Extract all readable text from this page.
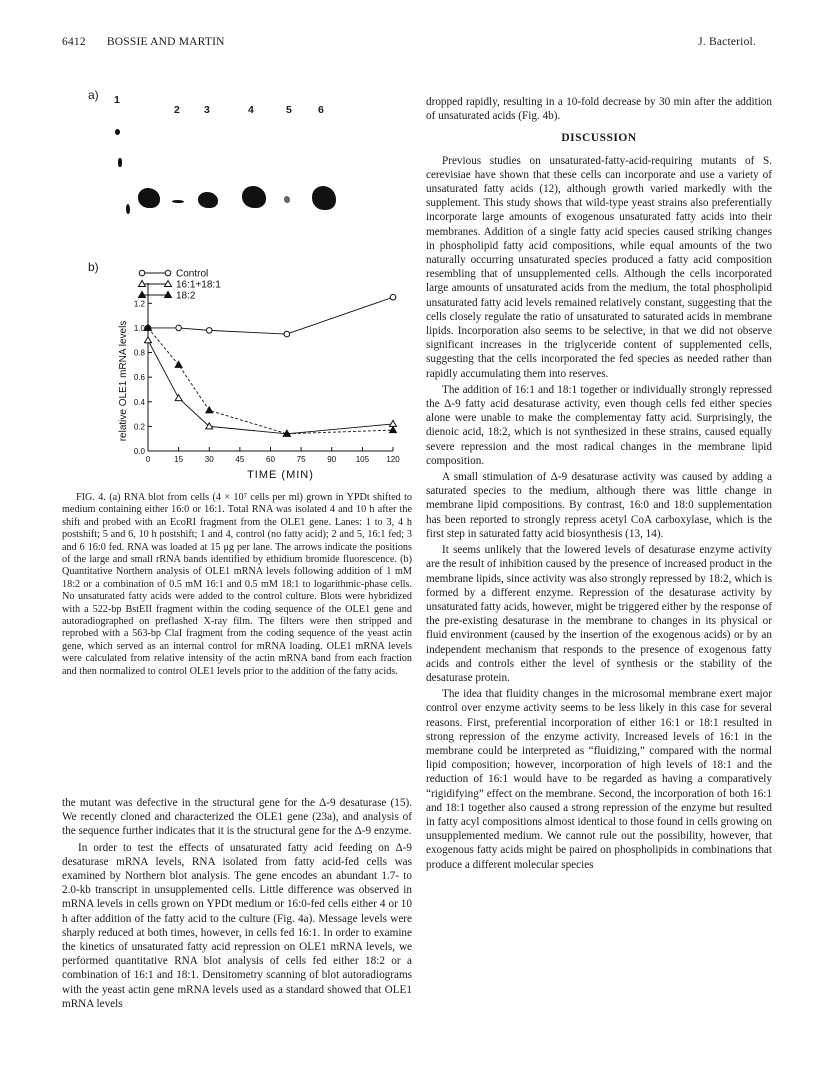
6412 BOSSIE AND MARTIN	J. Bacteriol.
a) 1
2 3	4	5 6
b)
0	15	30	45	60	75	90 105 120
0.0
0.2
0.4
0.6
0.8
1.0
1.2
TIME (MIN)
relative OLE1 mRNA levels
Control
16:1+18:1
18:2

FIG. 4. (a) RNA blot from cells (4 × 10⁷ cells per ml) grown in YPDt shifted to medium containing either 16:0 or 16:1. Total RNA was isolated 4 and 10 h after the shift and probed with an EcoRI fragment from the OLE1 gene. Lanes: 1 to 3, 4 h postshift; 5 and 6, 10 h postshift; 1 and 4, control (no fatty acid); 2 and 5, 16:1 fed; 3 and 6 16:0 fed. RNA was loaded at 15 μg per lane. The arrows indicate the positions of the large and small rRNA bands identified by ethidium bromide fluorescence. (b) Quantitative Northern analysis of OLE1 mRNA levels following addition of 1 mM 18:2 or a combination of 0.5 mM 16:1 and 0.5 mM 18:1 to logarithmic-phase cells. No unsaturated fatty acids were added to the control culture. Blots were hybridized with a 522-bp BstEII fragment within the coding sequence of the OLE1 gene and autoradiographed on preflashed X-ray film. The filters were then stripped and reprobed with a 563-bp ClaI fragment from the coding sequence of the yeast actin gene, which served as an internal control for mRNA loading. OLE1 mRNA levels were calculated from relative intensity of the actin mRNA band from each fraction and then normalized to control OLE1 levels prior to the addition of the fatty acids.

the mutant was defective in the structural gene for the Δ-9 desaturase (15). We recently cloned and characterized the OLE1 gene (23a), and analysis of the sequence further indicates that it is the structural gene for the Δ-9 enzyme.

In order to test the effects of unsaturated fatty acid feeding on Δ-9 desaturase mRNA levels, RNA isolated from fatty acid-fed cells was examined by Northern blot analysis. The gene encodes an abundant 1.7- to 2.0-kb transcript in unsupplemented cells. Little difference was observed in mRNA levels in cells grown on YPDt medium or 16:0-fed cells either 4 or 10 h after addition of the fatty acid to the culture (Fig. 4a). Message levels were sharply reduced at both times, however, in cells fed 16:1. In order to examine the kinetics of unsaturated fatty acid repression on OLE1 mRNA levels, we performed quantitative RNA blot analysis of cells fed either 18:2 or a combination of 16:1 and 18:1. Densitometry scanning of blot autoradiograms with the yeast actin gene mRNA levels used as a standard showed that OLE1 mRNA levels

dropped rapidly, resulting in a 10-fold decrease by 30 min after the addition of unsaturated acids (Fig. 4b).

DISCUSSION

Previous studies on unsaturated-fatty-acid-requiring mutants of S. cerevisiae have shown that these cells can incorporate and use a variety of unsaturated fatty acids (12), although growth varied markedly with the supplement. This study shows that wild-type yeast strains also preferentially incorporate large amounts of exogenous unsaturated fatty acids into their membranes. Addition of a single fatty acid species caused striking changes in phospholipid fatty acid compositions, while equal amounts of the two naturally occurring unsaturated species produced a fatty acid composition resembling that of unsupplemented cells. Although the cells incorporated large amounts of unsaturated acids from the medium, the total phospholipid unsaturated fatty acid levels remained relatively constant, suggesting that the cells closely regulate the ratio of unsaturated to saturated acids in membrane lipids. Incorporation also seems to be selective, in that we did not observe significant increases in the triglyceride content of supplemented cells, suggesting that the cells incorporated the fed species as needed rather than rapidly accumulating them into reserves.

The addition of 16:1 and 18:1 together or individually strongly repressed the Δ-9 fatty acid desaturase activity, even though cells fed either species alone were unable to make the complementay fatty acid. Surprisingly, the dienoic acid, 18:2, which is not synthesized in these strains, caused equally severe repression and the most radical changes in the membrane lipid composition.

A small stimulation of Δ-9 desaturase activity was caused by adding a saturated species to the medium, although there was little change in membrane lipid compositions. By contrast, 16:0 and 18:0 supplementation has been reported to strongly repress acetyl CoA carboxylase, which is the first step in saturated fatty acid biosynthesis (13, 14).

It seems unlikely that the lowered levels of desaturase enzyme activity are the result of inhibition caused by the presence of increased product in the membrane lipids, since activity was also strongly repressed by 18:2, which is formed by a different enzyme. Repression of the desaturase activity by unsaturated fatty acids, however, might be triggered either by the response of the pre-existing desaturase in the membrane to changes in its physical or fluid environment (caused by the insertion of the exogenous acids) or by an independent mechanism that responds to the presence of exogenous fatty acids and controls either the level of synthesis or the stability of the desaturase protein.

The idea that fluidity changes in the microsomal membrane exert major control over enzyme activity seems to be less likely in this case for several reasons. First, preferential incorporation of either 16:1 or 18:1 resulted in strong repression of the enzyme activity. Increased levels of 16:1 in the membrane could be interpreted as “fluidizing,” compared with the normal lipid composition; however, incorporation of high levels of 18:1 and the reduction of 16:1 would have to be regarded as having a comparatively “rigidifying” effect on the membrane. Second, the incorporation of both 16:1 and 18:1 together also caused a strong repression of the enzyme but resulted in fatty acyl compositions almost identical to those found in cells growing on unsupplemented medium. We cannot rule out the possibility, however, that exogenous fatty acids might be paired on phospholipids in combinations that produce a different molecular species
